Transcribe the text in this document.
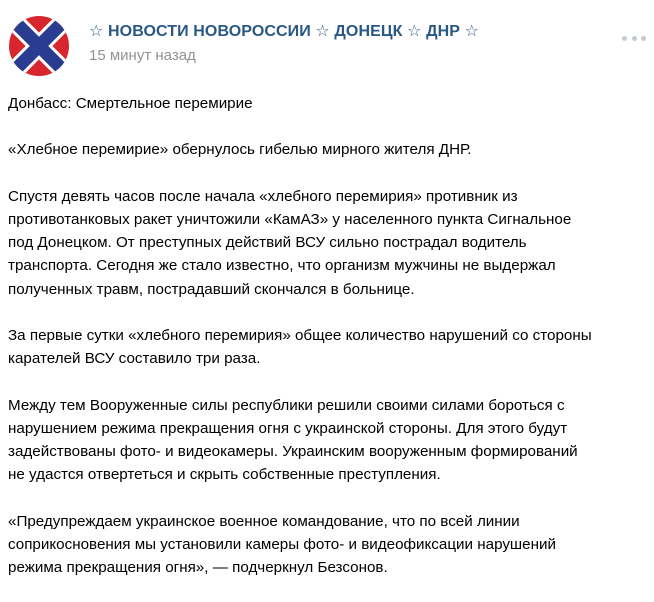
☆ НОВОСТИ НОВОРОССИИ ☆ ДОНЕЦК ☆ ДНР ☆
15 минут назад

Донбасс: Смертельное перемирие

«Хлебное перемирие» обернулось гибелью мирного жителя ДНР.

Спустя девять часов после начала «хлебного перемирия» противник из
противотанковых ракет уничтожили «КамАЗ» у населенного пункта Сигнальное
под Донецком. От преступных действий ВСУ сильно пострадал водитель
транспорта. Сегодня же стало известно, что организм мужчины не выдержал
полученных травм, пострадавший скончался в больнице.

За первые сутки «хлебного перемирия» общее количество нарушений со стороны
карателей ВСУ составило три раза.

Между тем Вооруженные силы республики решили своими силами бороться с
нарушением режима прекращения огня с украинской стороны. Для этого будут
задействованы фото- и видеокамеры. Украинским вооруженным формирований
не удастся отвертеться и скрыть собственные преступления.

«Предупреждаем украинское военное командование, что по всей линии
соприкосновения мы установили камеры фото- и видеофиксации нарушений
режима прекращения огня», — подчеркнул Безсонов.
